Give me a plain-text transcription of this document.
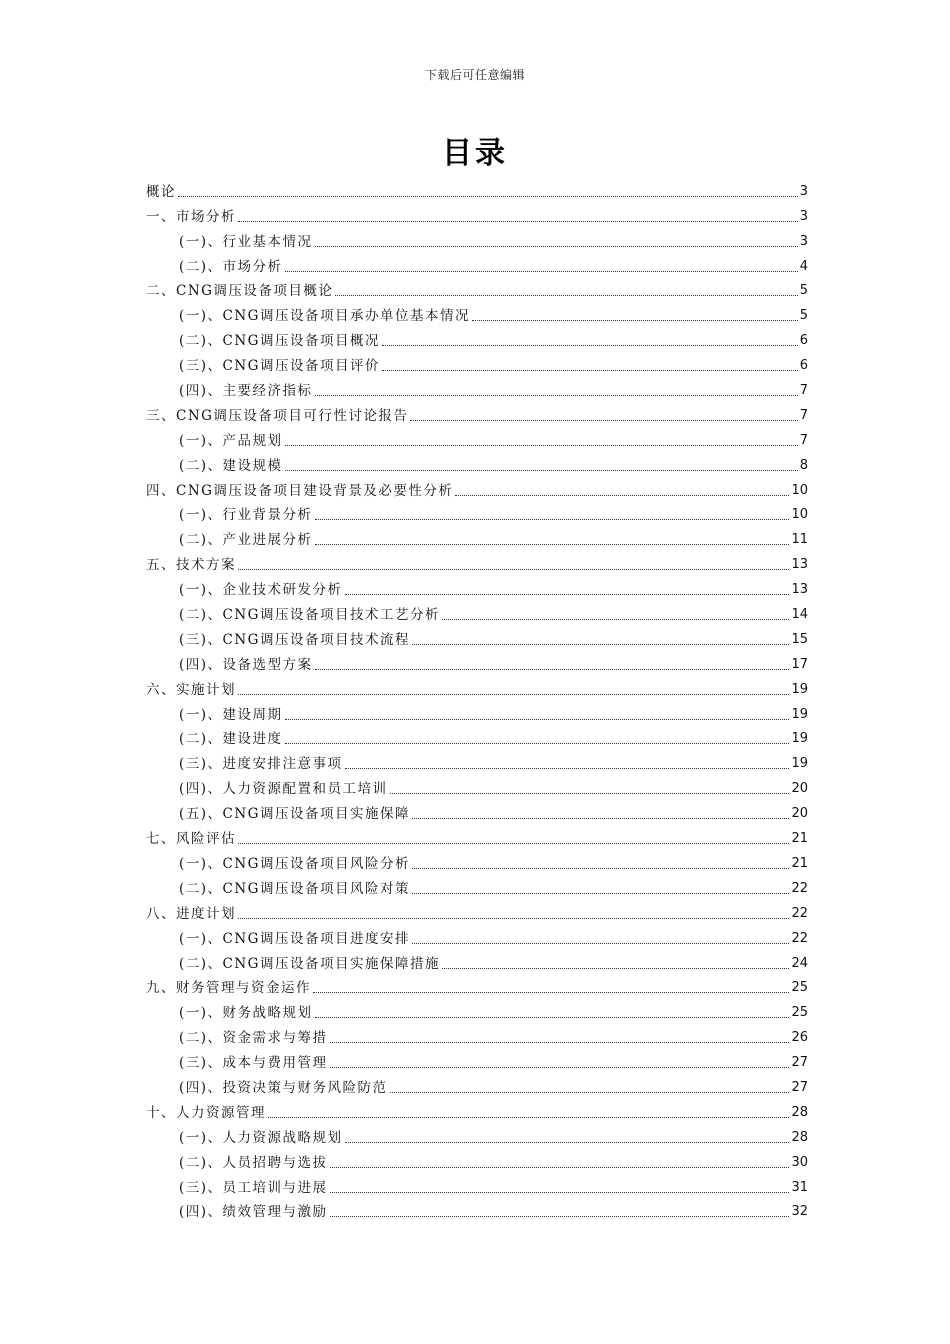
下载后可任意编辑
目录
概论	3
一、市场分析	3
(一)、行业基本情况	3
(二)、市场分析	4
二、CNG调压设备项目概论	5
(一)、CNG调压设备项目承办单位基本情况	5
(二)、CNG调压设备项目概况	6
(三)、CNG调压设备项目评价	6
(四)、主要经济指标	7
三、CNG调压设备项目可行性讨论报告	7
(一)、产品规划	7
(二)、建设规模	8
四、CNG调压设备项目建设背景及必要性分析	10
(一)、行业背景分析	10
(二)、产业进展分析	11
五、技术方案	13
(一)、企业技术研发分析	13
(二)、CNG调压设备项目技术工艺分析	14
(三)、CNG调压设备项目技术流程	15
(四)、设备选型方案	17
六、实施计划	19
(一)、建设周期	19
(二)、建设进度	19
(三)、进度安排注意事项	19
(四)、人力资源配置和员工培训	20
(五)、CNG调压设备项目实施保障	20
七、风险评估	21
(一)、CNG调压设备项目风险分析	21
(二)、CNG调压设备项目风险对策	22
八、进度计划	22
(一)、CNG调压设备项目进度安排	22
(二)、CNG调压设备项目实施保障措施	24
九、财务管理与资金运作	25
(一)、财务战略规划	25
(二)、资金需求与筹措	26
(三)、成本与费用管理	27
(四)、投资决策与财务风险防范	27
十、人力资源管理	28
(一)、人力资源战略规划	28
(二)、人员招聘与选拔	30
(三)、员工培训与进展	31
(四)、绩效管理与激励	32
